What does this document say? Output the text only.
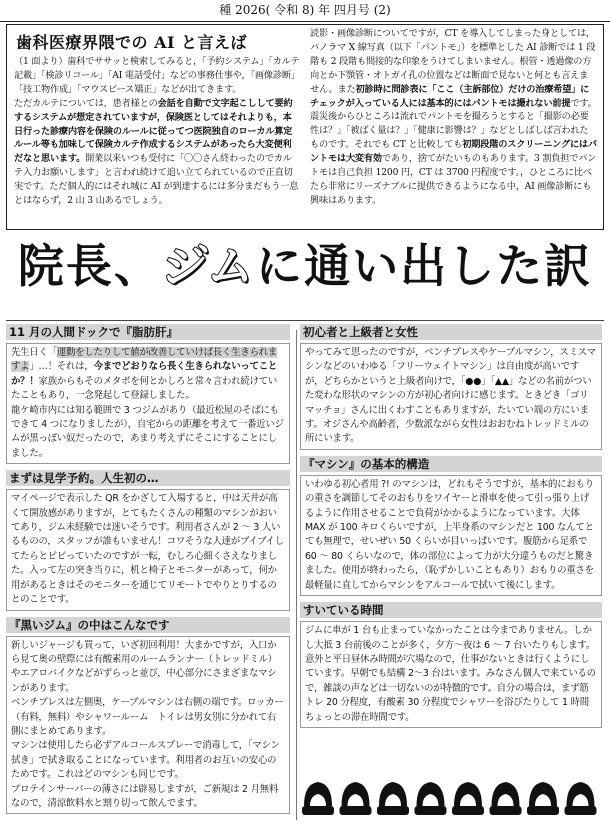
種 2026( 令和 8) 年 四月号 (2)
歯科医療界隈での AI と言えば
（1 面より）歯科でササッと検索してみると，「予約システム」「カルテ記載」「検診リコール」「AI 電話受付」などの事務仕事や，「画像診断」「技工物作成」「マウスピース矯正」などが出てきます。
ただカルテについては，患者様との会話を自動で文字起こしして要約するシステムが想定されていますが，保険医としてはそれよりも，本日行った診療内容を保険のルールに従ってつ医院独自のローカル算定ルール等も加味して保険カルテ作成するシステムがあったら大変便利だなと思います。開業以来いつも受付に「〇〇さん終わったのでカルテ入力お願いします」と言われ続けて追い立てられているので正直切実です。ただ個人的にはそれ城に AI が到達するには多分まだもう一息とはならず，2 山 3 山あるでしょう。
読影・画像診断についてですが，CT を導入してしまった身としては，パノラマ X 線写真（以下「パントモ」）を標準とした AI 診断では 1 段階も 2 段階も間接的な印象をうけてしまいません。根管・透過像の方向とか下顎管・オトガイ孔の位置などは断面で見ないと何とも言えません。また初診時に問診表に「ここ（主訴部位）だけの治療希望」にチェックが入っている人には基本的にはパントモは撮れない前提です。震災後からひところは流れでパントモを撮ろうとすると「撮影の必要性は？」「被ばく量は？」「健康に影響は？」などとしばしば言われたものです。それでも CT と比較しても初期段階のスクリーニングにはパントモは大変有効であり，捨てがたいものもあります。3 割負担でパントモは自己負担 1200 円，CT は 3700 円程度です。，ひところに比べたら非常にリーズナブルに提供できるようになる中，AI 画像診断にも興味はあります。
院長、ジムに通い出した訳
11 月の人間ドックで『脂肪肝』
先生日く「運動をしたりして値が改善していけば長く生きられますよ」…！それは，今までどおりなら長く生きられないってことか？！家族からもそのメタボを何とかしろと常々言われ続けていたこともあり，一念発起して登録しました。
龍ケ崎市内には知る範囲で 3 つジムがあり（最近松屋のそばにもできて 4 つになりましたが），自宅からの距離を考えて一番近いジムが黒っぽい奴だったので，あまり考えずにそこにすることにしました。
まずは見学予約。人生初の…
マイページで表示した QR をかざして入場すると，中は天井が高くて開放感がありますが，とてもたくさんの種類のマシンがおいてあり，ジム未経験では迷いそうです。利用者さんが 2 ～ 3 人いるものの，スタッフが誰もいません！コワそうな人達がブイブイしてたらとビビっていたのですが一転，むしろ心細くさえなりました。入って左の突き当りに，机と椅子とモニターがあって，何か用があるときはそのモニターを通じてリモートでやりとりするのとのことです。
『黒いジム』の中はこんなです
新しいジャージも買って，いざ初回利用！大まかですが，入口から見て奥の壁際には有酸素用のルームランナー（トレッドミル）やエアロバイクなどがずらっと並び，中心部分にさまざまなマシンがあります。
ベンチプレスは左側奥，ケーブルマシンは右側の端です。ロッカー（有料，無料）やシャワールーム　トイレは男女別に分かれて右側にまとめてあります。
マシンは使用したら必ずアルコールスプレーで消毒して，「マシン拭き」で拭き取ることになっています。利用者のお互いの安心のためです。これはどのマシンも同じです。
プロテインサーバーの薄さには辟易しますが，ご新規は 2 月無料なので，清涼飲料水と割り切って飲んでます。
初心者と上級者と女性
やってみて思ったのですが，ベンチプレスやケーブルマシン，スミスマシンなどのいわゆる「フリーウェイトマシン」は自由度が高いですが，どちらかというと上級者向けで，「●●」「▲▲」などの名前がついた変わな形状のマシンの方が初心者向けに感じます。ときどき「ゴリマッチョ」さんに出くわすこともありますが，たいてい端の方にいます。オジさんや高齢者，少数派ながら女性はおおむねトレッドミルの所にいます。
『マシン』の基本的構造
いわゆる初心者用 ?! のマシンは，どれもそうですが，基本的におもりの重さを調節してそのおもりをワイヤーと滑車を使って引っ張り上げるように作用させることで負荷がかかるようになっています。大体 MAX が 100 キロくらいですが，上半身系のマシンだと 100 なんてとても無理で，せいぜい 50 くらいが目いっぱいです。腹筋から足系で 60 ～ 80 くらいなので，体の部位によって力が大分違うものだと驚きました。使用が終わったら，（恥ずかしいこともあり）おもりの重さを最軽量に直してからマシンをアルコールで拭いて後にします。
すいている時間
ジムに車が 1 台も止まっていなかったことは今までありません。しかし大抵 3 台前後のことが多く，夕方～夜は 6 ～ 7 台いたりもします。意外と平日昼休み時間が穴場なので，仕事がないときは行くようにしています。早朝でも結構 2～3 台はいます。みなさん個人で来ているので，雑談の声などは一切ないのが特徴的です。自分の場合は，まず筋トレ 20 分程度，有酸素 30 分程度でシャワーを浴びたりして 1 時間ちょっとの滞在時間です。
